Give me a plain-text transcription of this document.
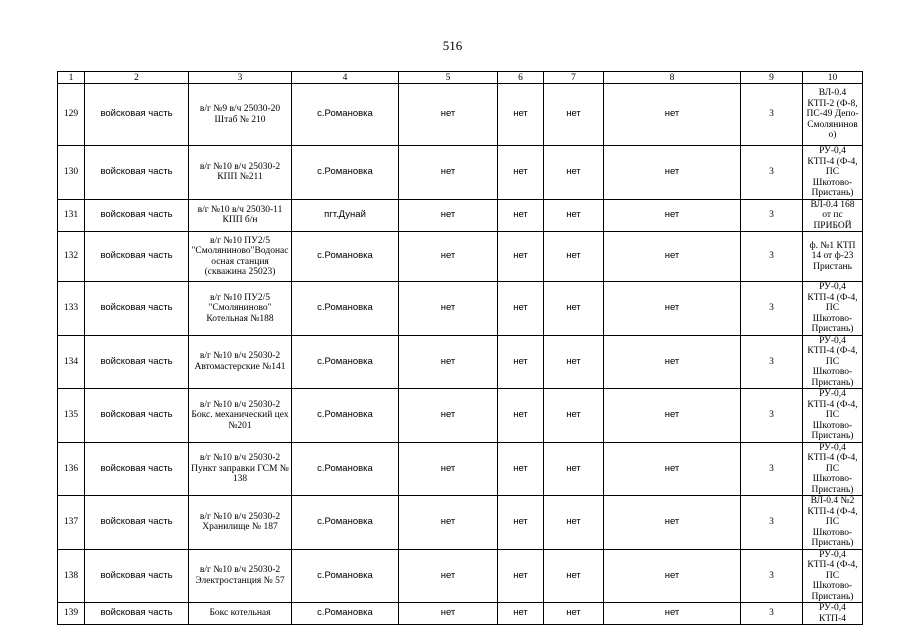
516
1	2	3	4	5	6	7	8	9	10
129	войсковая часть	в/г №9 в/ч 25030-20 Штаб № 210	с.Романовка	нет	нет	нет	нет	3	ВЛ-0.4 КТП-2 (Ф-8, ПС-49 Депо-Смоляниново)
130	войсковая часть	в/г №10 в/ч 25030-2 КПП №211	с.Романовка	нет	нет	нет	нет	3	РУ-0,4 КТП-4 (Ф-4, ПС Шкотово-Пристань)
131	войсковая часть	в/г №10 в/ч 25030-11 КПП б/н	пгт.Дунай	нет	нет	нет	нет	3	ВЛ-0.4 168 от пс ПРИБОЙ
132	войсковая часть	в/г №10 ПУ2/5 "Смоляниново"Водонасосная станция (скважина 25023)	с.Романовка	нет	нет	нет	нет	3	ф. №1 КТП 14 от ф-23 Пристань
133	войсковая часть	в/г №10 ПУ2/5 "Смоляниново" Котельная №188	с.Романовка	нет	нет	нет	нет	3	РУ-0,4 КТП-4 (Ф-4, ПС Шкотово-Пристань)
134	войсковая часть	в/г №10 в/ч 25030-2 Автомастерские №141	с.Романовка	нет	нет	нет	нет	3	РУ-0,4 КТП-4 (Ф-4, ПС Шкотово-Пристань)
135	войсковая часть	в/г №10 в/ч 25030-2 Бокс. механический цех №201	с.Романовка	нет	нет	нет	нет	3	РУ-0,4 КТП-4 (Ф-4, ПС Шкотово-Пристань)
136	войсковая часть	в/г №10 в/ч 25030-2 Пункт заправки ГСМ № 138	с.Романовка	нет	нет	нет	нет	3	РУ-0,4 КТП-4 (Ф-4, ПС Шкотово-Пристань)
137	войсковая часть	в/г №10 в/ч 25030-2 Хранилище № 187	с.Романовка	нет	нет	нет	нет	3	ВЛ-0.4 №2 КТП-4 (Ф-4, ПС Шкотово-Пристань)
138	войсковая часть	в/г №10 в/ч 25030-2 Электростанция № 57	с.Романовка	нет	нет	нет	нет	3	РУ-0,4 КТП-4 (Ф-4, ПС Шкотово-Пристань)
139	войсковая часть	Бокс котельная	с.Романовка	нет	нет	нет	нет	3	РУ-0,4 КТП-4
